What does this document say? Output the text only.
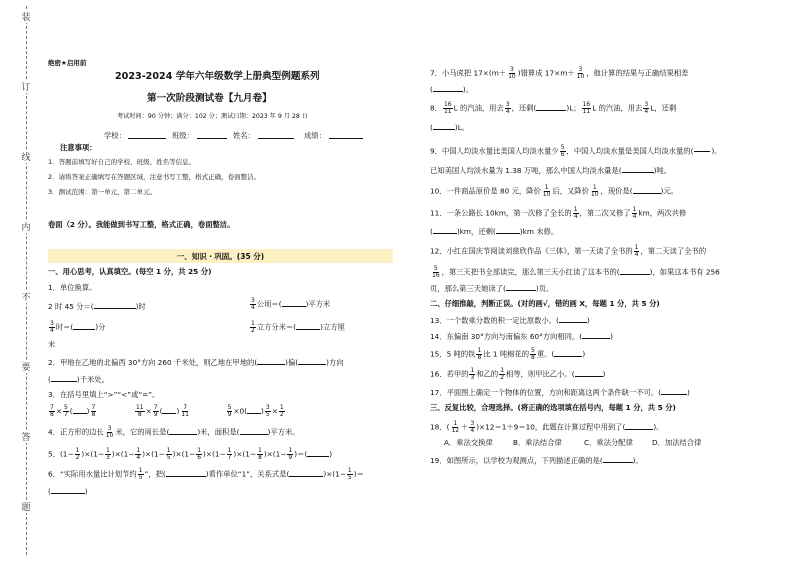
装
订
线
内
不
要
答
题
绝密★启用前
2023-2024 学年六年级数学上册典型例题系列
第一次阶段测试卷【九月卷】
考试时间：90 分钟；满分：102 分；测试日期：2023 年 9 月 28 日
学校：	班级：	姓名：	成绩：
注意事项：
1．答题前填写好自己的学校、班级、姓名等信息。
2．请将答案正确填写在答题区域，注意书写工整，格式正确，卷面整洁。
3．测试范围：第一单元、第二单元。
卷面（2 分）。我能做到书写工整，格式正确，卷面整洁。
一、知识・巩固。(35 分)
一、用心思考，认真填空。(每空 1 分，共 25 分)
1．单位换算。
2 时 45 分＝(	)时	$\frac{3}{4}$ 公顷＝(	)平方米
$\frac{3}{4}$ 时＝(	)分	$\frac{1}{2}$ 立方分米＝(	)立方厘
米
2．甲地在乙地的北偏西 30°方向 260 千米处，则乙地在甲地的(	)偏(	)方向
(	)千米处。
3．在括号里填上“>”“<”或“=”。
$\frac{7}{8} \times \frac{5}{7}$ ( ) $\frac{7}{8}$
	$\frac{11}{8} \times \frac{7}{9}$ ( ) $\frac{7}{11}$
	$\frac{5}{9} \times 0$( ) $\frac{3}{5} \times \frac{1}{2}$
4．正方形的边长 $\frac{3}{10}$ 米，它的周长是(	)米，面积是(	)平方米。
5．$(1- \frac{1}{2} )\times(1- \frac{1}{3} )\times(1- \frac{1}{4} )\times(1- \frac{1}{5} )\times(1- \frac{1}{6} )\times(1- \frac{1}{7} )\times(1- \frac{1}{8} )\times(1- \frac{1}{9}$ )＝(	)
6．“实际用水量比计划节约 $\frac{1}{5}$ ”，把(	)看作单位“1”，关系式是(	)$\times(1- \frac{1}{5}$ )＝
(	)
7．小马虎把 $17\times(m+ \frac{3}{10}$ )错算成 $17\times m+ \frac{3}{10}$ ，他计算的结果与正确结果相差
(	)。
8． $\frac{16}{11}$ L 的汽油，用去 $\frac{3}{4}$ ，还剩(	)L； $\frac{16}{11}$ L 的汽油，用去 $\frac{3}{4}$ L，还剩
(	)L。
9．中国人均淡水量比美国人均淡水量少 $\frac{5}{6}$ ，中国人均淡水量是美国人均淡水量的( )。
已知美国人均淡水量为 1.38 万吨，那么中国人均淡水量是(	)吨。
10．一件商品原价是 80 元，降价 $\frac{1}{10}$ 后，又降价 $\frac{1}{10}$ ，现价是(	)元。
11．一条公路长 10km，第一次修了全长的 $\frac{1}{4}$ ，第二次又修了 $\frac{1}{4}$ km，两次共修
(	)km，还剩(	)km 未修。
12．小红在国庆节阅读刘慈欣作品《三体》，第一天读了全书的 $\frac{1}{4}$ ，第二天读了全书的
$\frac{5}{16}$ ，第三天把书全部读完，那么第三天小红读了这本书的(	)，如果这本书有 256
页，那么第三天她读了(	)页。
二、仔细推敲，判断正误。(对的画√，错的画 X，每题 1 分，共 5 分)
13．一个数乘分数的积一定比原数小。(	)
14．东偏南 30°方向与南偏东 60°方向相同。(	)
15．5 吨的铁 $\frac{1}{8}$ 比 1 吨棉花的 $\frac{5}{8}$ 重。(	)
16．若甲的 $\frac{1}{3}$ 和乙的 $\frac{1}{2}$ 相等，则甲比乙小。(	)
17．平面图上确定一个物体的位置，方向和距离这两个条件缺一不可。(	)
三、反复比较，合理选择。(将正确的选项填在括号内，每题 1 分，共 5 分)
18．( $\frac{1}{12} + \frac{3}{4} )\times 12=1+9=10$，此题在计算过程中用到了(	)。
A．乘法交换律	B．乘法结合律	C．乘法分配律	D．加法结合律
19．如图所示，以学校为观测点，下列描述正确的是(	)。
